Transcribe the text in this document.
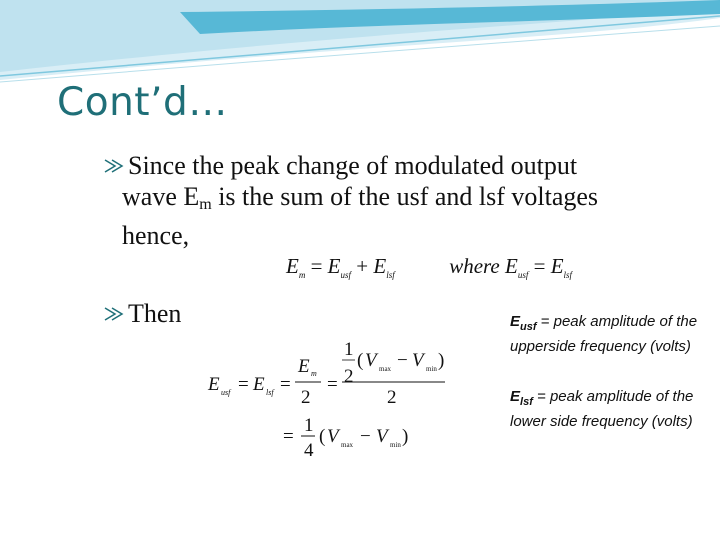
Cont’d…
Since the peak change of modulated output
wave $E_m$ is the sum of the usf and lsf voltages
hence,
$E_m = E_{usf} + E_{lsf}$	where $E_{usf} = E_{lsf}$
Then
E usf = E lsf =
E m
2
=
1
2
( V max − V min )
2
=
1
4
( V max − V min )
$E_{usf}$ = peak amplitude of the upperside frequency (volts)
$E_{lsf}$ = peak amplitude of the lower side frequency (volts)
